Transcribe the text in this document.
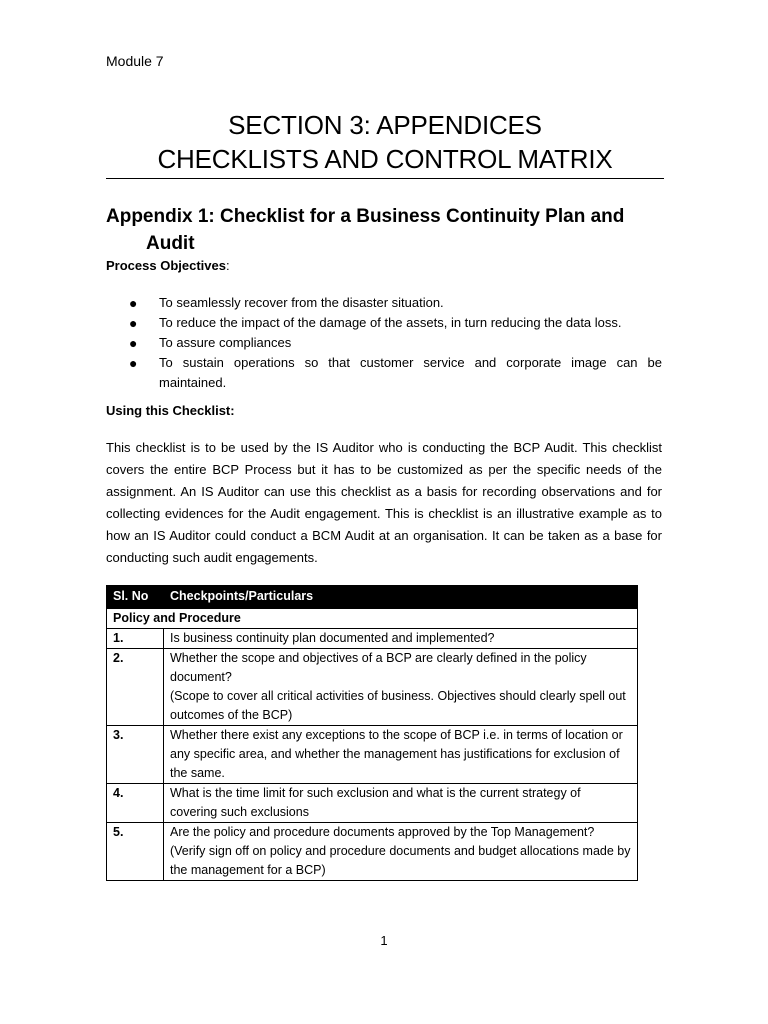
Module 7
SECTION 3: APPENDICES
CHECKLISTS AND CONTROL MATRIX
Appendix 1: Checklist for a Business Continuity Plan and
Audit
Process Objectives:
● To seamlessly recover from the disaster situation.
● To reduce the impact of the damage of the assets, in turn reducing the data loss.
● To assure compliances
● To sustain operations so that customer service and corporate image can be maintained.
Using this Checklist:
This checklist is to be used by the IS Auditor who is conducting the BCP Audit. This checklist covers the entire BCP Process but it has to be customized as per the specific needs of the assignment. An IS Auditor can use this checklist as a basis for recording observations and for collecting evidences for the Audit engagement. This is checklist is an illustrative example as to how an IS Auditor could conduct a BCM Audit at an organisation. It can be taken as a base for conducting such audit engagements.
Sl. No	Checkpoints/Particulars
Policy and Procedure	
1.	Is business continuity plan documented and implemented?

2.	Whether the scope and objectives of a BCP are clearly defined in the policy document?
(Scope to cover all critical activities of business. Objectives should clearly spell out outcomes of the BCP)

3.	Whether there exist any exceptions to the scope of BCP i.e. in terms of location or any specific area, and whether the management has justifications for exclusion of the same.

4.	What is the time limit for such exclusion and what is the current strategy of covering such exclusions

5.	Are the policy and procedure documents approved by the Top Management?
(Verify sign off on policy and procedure documents and budget allocations made by the management for a BCP)
1
